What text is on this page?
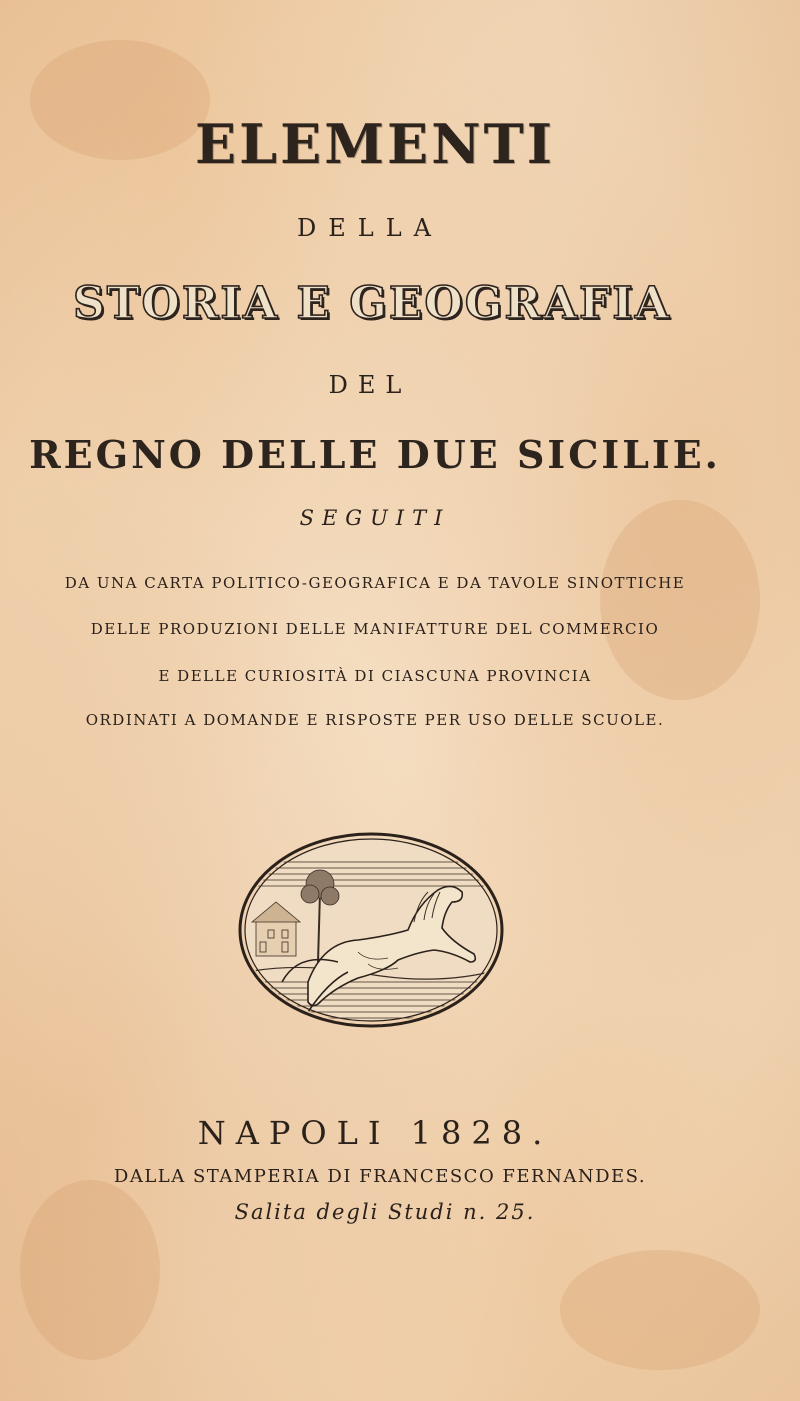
ELEMENTI
DELLA
STORIA E GEOGRAFIA
DEL
REGNO DELLE DUE SICILIE.
SEGUITI
DA UNA CARTA POLITICO-GEOGRAFICA E DA TAVOLE SINOTTICHE
DELLE PRODUZIONI DELLE MANIFATTURE DEL COMMERCIO
E DELLE CURIOSITÀ DI CIASCUNA PROVINCIA
ORDINATI A DOMANDE E RISPOSTE PER USO DELLE SCUOLE.
NAPOLI 1828.
DALLA STAMPERIA DI FRANCESCO FERNANDES.
Salita degli Studi n. 25.
